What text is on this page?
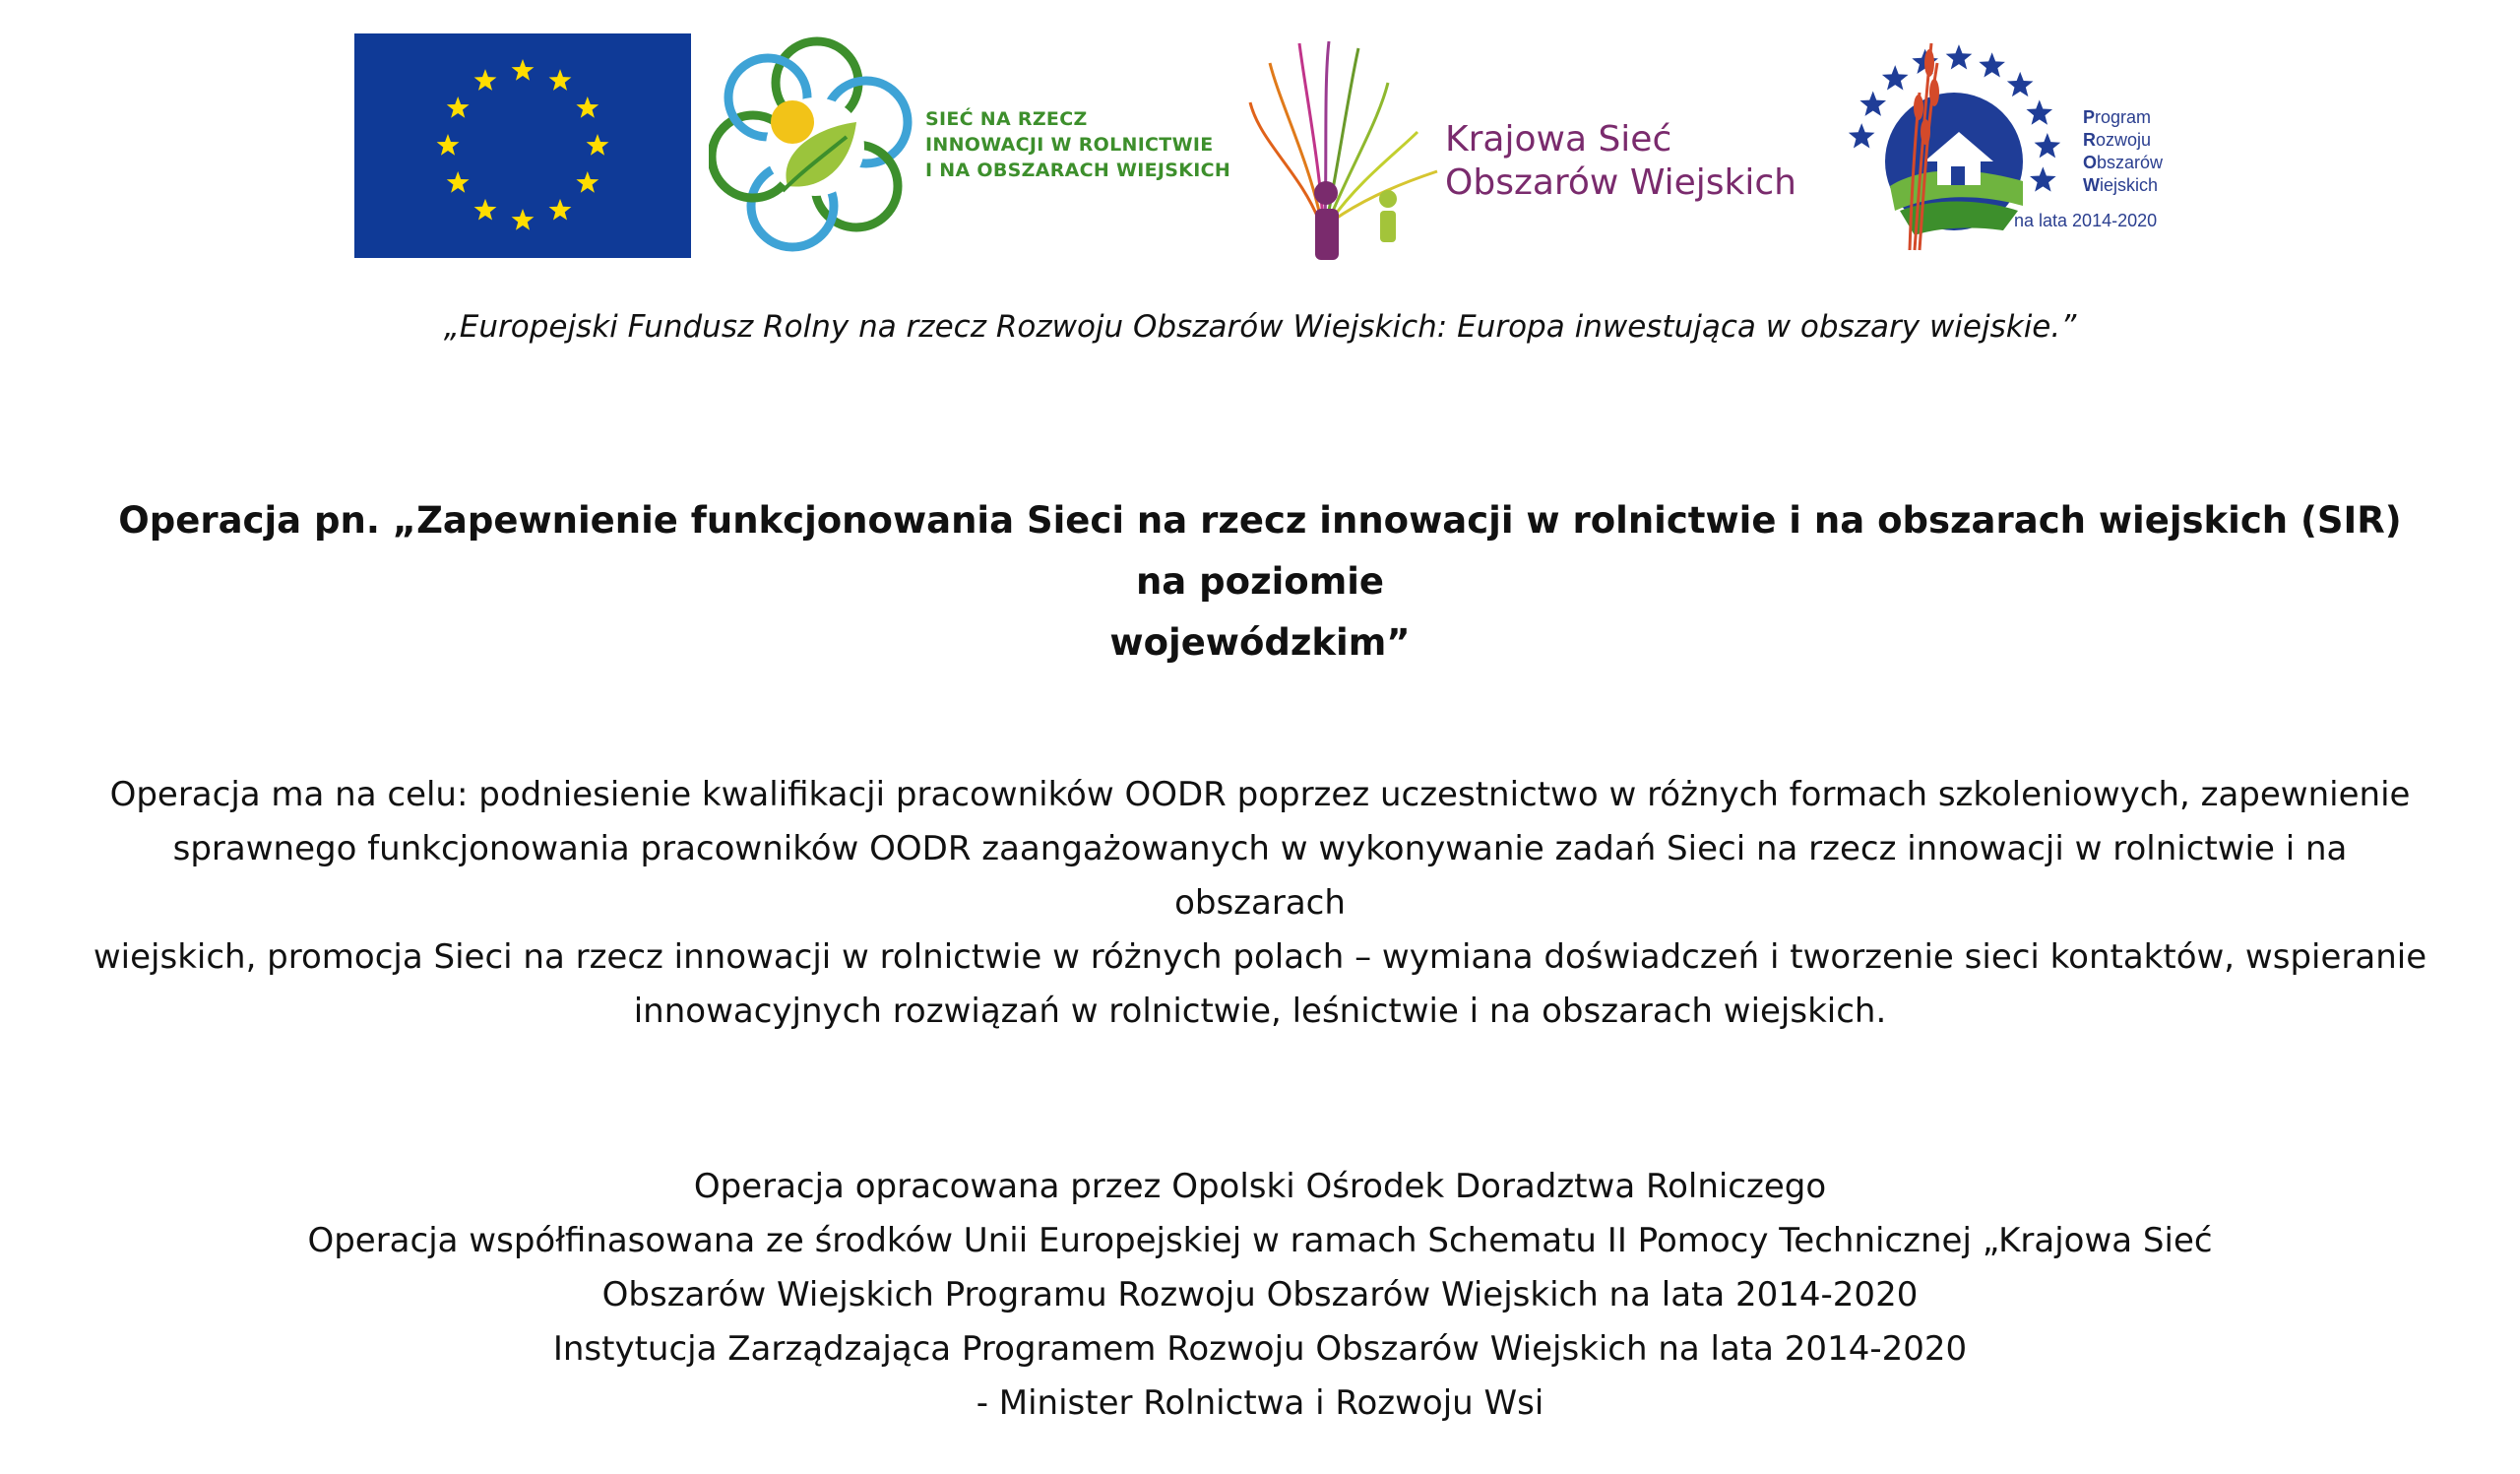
SIEĆ NA RZECZ
INNOWACJI W ROLNICTWIE
I NA OBSZARACH WIEJSKICH
Krajowa Sieć
Obszarów Wiejskich
Program
Rozwoju
Obszarów
Wiejskich
na lata 2014-2020
„Europejski Fundusz Rolny na rzecz Rozwoju Obszarów Wiejskich: Europa inwestująca w obszary wiejskie.”
Operacja pn. „Zapewnienie funkcjonowania Sieci na rzecz innowacji w rolnictwie i na obszarach wiejskich (SIR) na poziomie
wojewódzkim”
Operacja ma na celu: podniesienie kwalifikacji pracowników OODR poprzez uczestnictwo w różnych formach szkoleniowych, zapewnienie
sprawnego funkcjonowania pracowników OODR zaangażowanych w wykonywanie zadań Sieci na rzecz innowacji w rolnictwie i na obszarach
wiejskich, promocja Sieci na rzecz innowacji w rolnictwie w różnych polach – wymiana doświadczeń i tworzenie sieci kontaktów, wspieranie
innowacyjnych rozwiązań w rolnictwie, leśnictwie i na obszarach wiejskich.
Operacja opracowana przez Opolski Ośrodek Doradztwa Rolniczego
Operacja współfinasowana ze środków Unii Europejskiej w ramach Schematu II Pomocy Technicznej „Krajowa Sieć
Obszarów Wiejskich Programu Rozwoju Obszarów Wiejskich na lata 2014-2020
Instytucja Zarządzająca Programem Rozwoju Obszarów Wiejskich na lata 2014-2020
- Minister Rolnictwa i Rozwoju Wsi
